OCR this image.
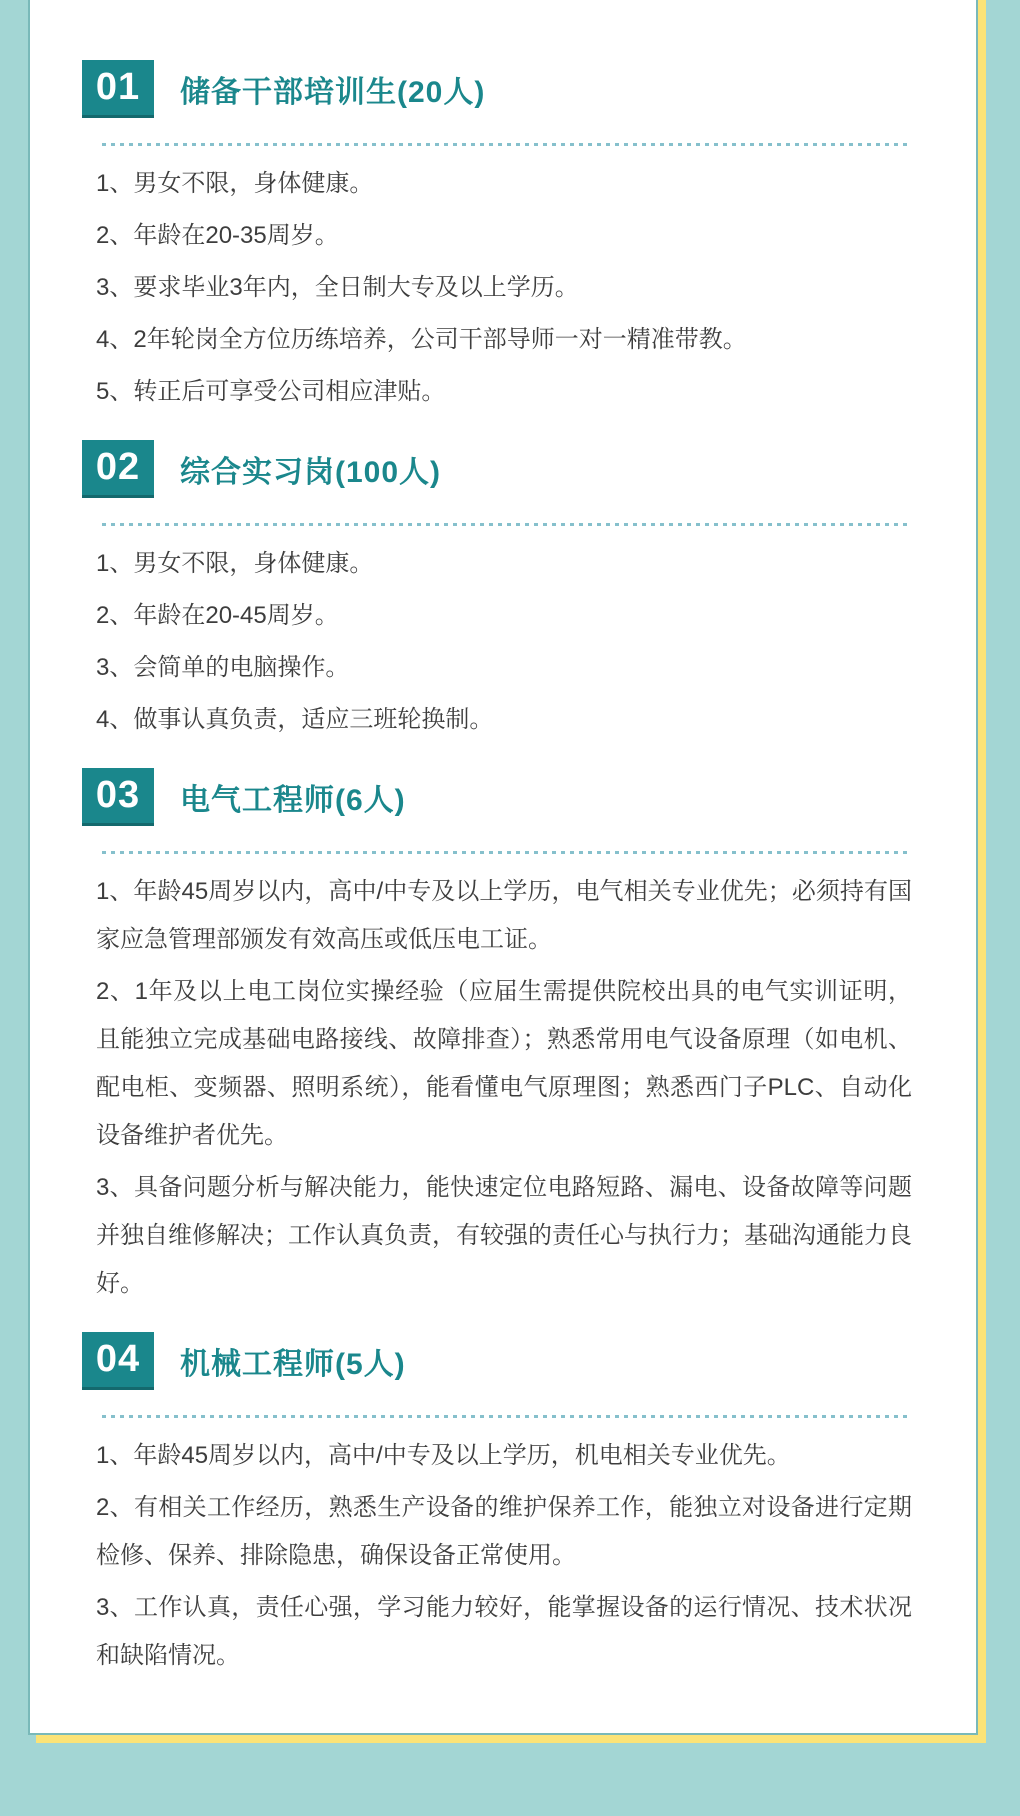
01	储备干部培训生(20人)

1、男女不限，身体健康。

2、年龄在20-35周岁。

3、要求毕业3年内，全日制大专及以上学历。

4、2年轮岗全方位历练培养，公司干部导师一对一精准带教。

5、转正后可享受公司相应津贴。

02	综合实习岗(100人)

1、男女不限，身体健康。

2、年龄在20-45周岁。

3、会简单的电脑操作。

4、做事认真负责，适应三班轮换制。

03	电气工程师(6人)

1、年龄45周岁以内，高中/中专及以上学历，电气相关专业优先；必须持有国家应急管理部颁发有效高压或低压电工证。

2、1年及以上电工岗位实操经验（应届生需提供院校出具的电气实训证明，且能独立完成基础电路接线、故障排查）；熟悉常用电气设备原理（如电机、配电柜、变频器、照明系统），能看懂电气原理图；熟悉西门子PLC、自动化设备维护者优先。

3、具备问题分析与解决能力，能快速定位电路短路、漏电、设备故障等问题并独自维修解决；工作认真负责，有较强的责任心与执行力；基础沟通能力良好。

04	机械工程师(5人)

1、年龄45周岁以内，高中/中专及以上学历，机电相关专业优先。

2、有相关工作经历，熟悉生产设备的维护保养工作，能独立对设备进行定期检修、保养、排除隐患，确保设备正常使用。

3、工作认真，责任心强，学习能力较好，能掌握设备的运行情况、技术状况和缺陷情况。
